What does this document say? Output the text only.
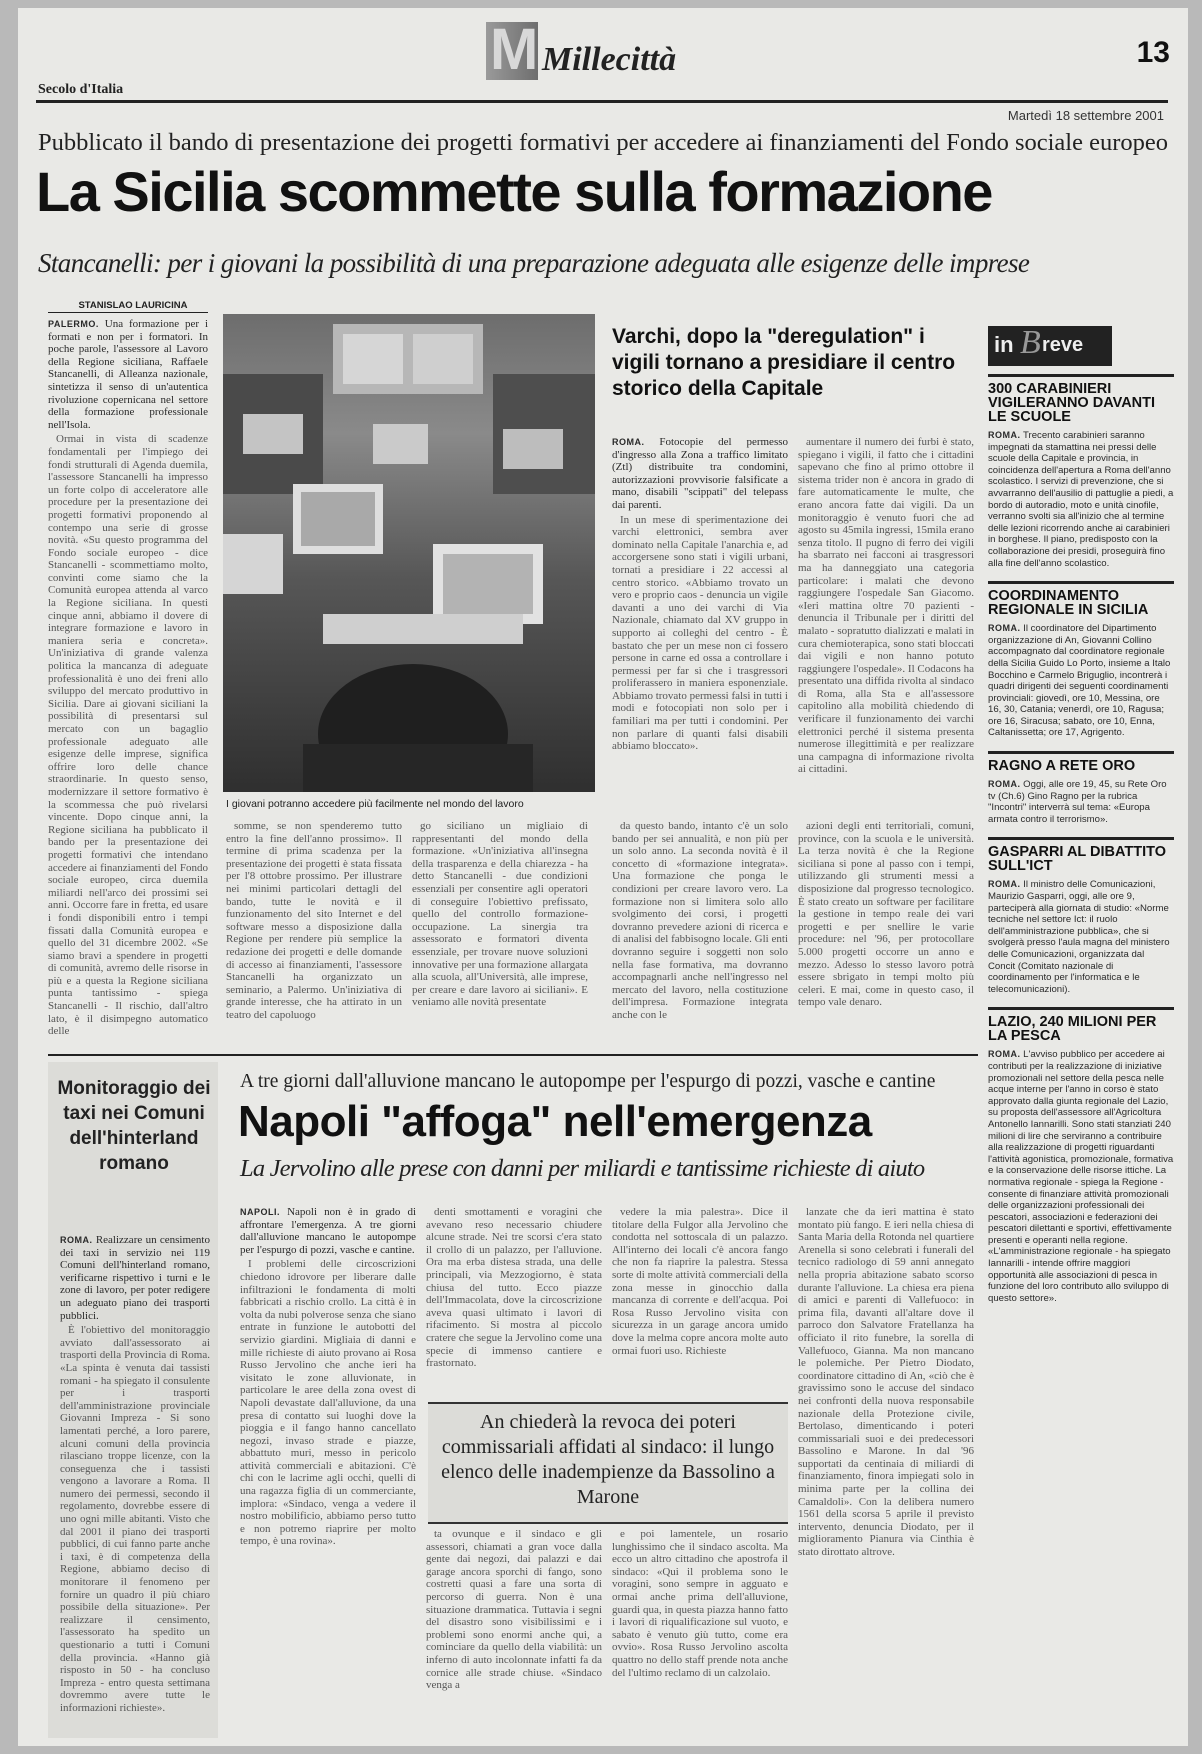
M Millecittà	13
Secolo d'Italia
Martedì 18 settembre 2001
Pubblicato il bando di presentazione dei progetti formativi per accedere ai finanziamenti del Fondo sociale europeo
La Sicilia scommette sulla formazione
Stancanelli: per i giovani la possibilità di una preparazione adeguata alle esigenze delle imprese
STANISLAO LAURICINA

PALERMO. Una formazione per i formati e non per i formatori. In poche parole, l'assessore al Lavoro della Regione siciliana, Raffaele Stancanelli, di Alleanza nazionale, sintetizza il senso di un'autentica rivoluzione copernicana nel settore della formazione professionale nell'Isola.

Ormai in vista di scadenze fondamentali per l'impiego dei fondi strutturali di Agenda duemila, l'assessore Stancanelli ha impresso un forte colpo di acceleratore alle procedure per la presentazione dei progetti formativi proponendo al contempo una serie di grosse novità. «Su questo programma del Fondo sociale europeo - dice Stancanelli - scommettiamo molto, convinti come siamo che la Comunità europea attenda al varco la Regione siciliana. In questi cinque anni, abbiamo il dovere di integrare formazione e lavoro in maniera seria e concreta». Un'iniziativa di grande valenza politica la mancanza di adeguate professionalità è uno dei freni allo sviluppo del mercato produttivo in Sicilia. Dare ai giovani siciliani la possibilità di presentarsi sul mercato con un bagaglio professionale adeguato alle esigenze delle imprese, significa offrire loro delle chance straordinarie. In questo senso, modernizzare il settore formativo è la scommessa che può rivelarsi vincente. Dopo cinque anni, la Regione siciliana ha pubblicato il bando per la presentazione dei progetti formativi che intendano accedere ai finanziamenti del Fondo sociale europeo, circa duemila miliardi nell'arco dei prossimi sei anni. Occorre fare in fretta, ed usare i fondi disponibili entro i tempi fissati dalla Comunità europea e quello del 31 dicembre 2002. «Se siamo bravi a spendere in progetti di comunità, avremo delle risorse in più e a questa la Regione siciliana punta tantissimo - spiega Stancanelli - Il rischio, dall'altro lato, è il disimpegno automatico delle

I giovani potranno accedere più facilmente nel mondo del lavoro
Varchi, dopo la "deregulation" i vigili tornano a presidiare il centro storico della Capitale

ROMA. Fotocopie del permesso d'ingresso alla Zona a traffico limitato (Ztl) distribuite tra condomini, autorizzazioni provvisorie falsificate a mano, disabili "scippati" del telepass dai parenti.

In un mese di sperimentazione dei varchi elettronici, sembra aver dominato nella Capitale l'anarchia e, ad accorgersene sono stati i vigili urbani, tornati a presidiare i 22 accessi al centro storico. «Abbiamo trovato un vero e proprio caos - denuncia un vigile davanti a uno dei varchi di Via Nazionale, chiamato dal XV gruppo in supporto ai colleghi del centro - È bastato che per un mese non ci fossero persone in carne ed ossa a controllare i permessi per far sì che i trasgressori proliferassero in maniera esponenziale. Abbiamo trovato permessi falsi in tutti i modi e fotocopiati non solo per i familiari ma per tutti i condomini. Per non parlare di quanti falsi disabili abbiamo bloccato».

aumentare il numero dei furbi è stato, spiegano i vigili, il fatto che i cittadini sapevano che fino al primo ottobre il sistema trider non è ancora in grado di fare automaticamente le multe, che erano ancora fatte dai vigili. Da un monitoraggio è venuto fuori che ad agosto su 45mila ingressi, 15mila erano senza titolo. Il pugno di ferro dei vigili ha sbarrato nei facconi ai trasgressori ma ha danneggiato una categoria particolare: i malati che devono raggiungere l'ospedale San Giacomo. «Ieri mattina oltre 70 pazienti - denuncia il Tribunale per i diritti del malato - sopratutto dializzati e malati in cura chemioterapica, sono stati bloccati dai vigili e non hanno potuto raggiungere l'ospedale». Il Codacons ha presentato una diffida rivolta al sindaco di Roma, alla Sta e all'assessore capitolino alla mobilità chiedendo di verificare il funzionamento dei varchi elettronici perché il sistema presenta numerose illegittimità e per realizzare una campagna di informazione rivolta ai cittadini.

somme, se non spenderemo tutto entro la fine dell'anno prossimo». Il termine di prima scadenza per la presentazione dei progetti è stata fissata per l'8 ottobre prossimo. Per illustrare nei minimi particolari dettagli del bando, tutte le novità e il funzionamento del sito Internet e del software messo a disposizione dalla Regione per rendere più semplice la redazione dei progetti e delle domande di accesso ai finanziamenti, l'assessore Stancanelli ha organizzato un seminario, a Palermo. Un'iniziativa di grande interesse, che ha attirato in un teatro del capoluogo

go siciliano un migliaio di rappresentanti del mondo della formazione. «Un'iniziativa all'insegna della trasparenza e della chiarezza - ha detto Stancanelli - due condizioni essenziali per consentire agli operatori di conseguire l'obiettivo prefissato, quello del controllo formazione-occupazione. La sinergia tra assessorato e formatori diventa essenziale, per trovare nuove soluzioni innovative per una formazione allargata alla scuola, all'Università, alle imprese, per creare e dare lavoro ai siciliani». E veniamo alle novità presentate

da questo bando, intanto c'è un solo bando per sei annualità, e non più per un solo anno. La seconda novità è il concetto di «formazione integrata». Una formazione che ponga le condizioni per creare lavoro vero. La formazione non si limitera solo allo svolgimento dei corsi, i progetti dovranno prevedere azioni di ricerca e di analisi del fabbisogno locale. Gli enti dovranno seguire i soggetti non solo nella fase formativa, ma dovranno accompagnarli anche nell'ingresso nel mercato del lavoro, nella costituzione dell'impresa. Formazione integrata anche con le

azioni degli enti territoriali, comuni, province, con la scuola e le università. La terza novità è che la Regione siciliana si pone al passo con i tempi, utilizzando gli strumenti messi a disposizione dal progresso tecnologico. È stato creato un software per facilitare la gestione in tempo reale dei vari progetti e per snellire le varie procedure: nel '96, per protocollare 5.000 progetti occorre un anno e mezzo. Adesso lo stesso lavoro potrà essere sbrigato in tempi molto più celeri. E mai, come in questo caso, il tempo vale denaro.

Monitoraggio dei taxi nei Comuni dell'hinterland romano

ROMA. Realizzare un censimento dei taxi in servizio nei 119 Comuni dell'hinterland romano, verificarne rispettivo i turni e le zone di lavoro, per poter redigere un adeguato piano dei trasporti pubblici.

È l'obiettivo del monitoraggio avviato dall'assessorato ai trasporti della Provincia di Roma. «La spinta è venuta dai tassisti romani - ha spiegato il consulente per i trasporti dell'amministrazione provinciale Giovanni Impreza - Si sono lamentati perché, a loro parere, alcuni comuni della provincia rilasciano troppe licenze, con la conseguenza che i tassisti vengono a lavorare a Roma. Il numero dei permessi, secondo il regolamento, dovrebbe essere di uno ogni mille abitanti. Visto che dal 2001 il piano dei trasporti pubblici, di cui fanno parte anche i taxi, è di competenza della Regione, abbiamo deciso di monitorare il fenomeno per fornire un quadro il più chiaro possibile della situazione». Per realizzare il censimento, l'assessorato ha spedito un questionario a tutti i Comuni della provincia. «Hanno già risposto in 50 - ha concluso Impreza - entro questa settimana dovremmo avere tutte le informazioni richieste».

A tre giorni dall'alluvione mancano le autopompe per l'espurgo di pozzi, vasche e cantine
Napoli "affoga" nell'emergenza
La Jervolino alle prese con danni per miliardi e tantissime richieste di aiuto

NAPOLI. Napoli non è in grado di affrontare l'emergenza. A tre giorni dall'alluvione mancano le autopompe per l'espurgo di pozzi, vasche e cantine.

I problemi delle circoscrizioni chiedono idrovore per liberare dalle infiltrazioni le fondamenta di molti fabbricati a rischio crollo. La città è in volta da nubi polverose senza che siano entrate in funzione le autobotti del servizio giardini. Migliaia di danni e mille richieste di aiuto provano ai Rosa Russo Jervolino che anche ieri ha visitato le zone alluvionate, in particolare le aree della zona ovest di Napoli devastate dall'alluvione, da una presa di contatto sui luoghi dove la pioggia e il fango hanno cancellato negozi, invaso strade e piazze, abbattuto muri, messo in pericolo attività commerciali e abitazioni. C'è chi con le lacrime agli occhi, quelli di una ragazza figlia di un commerciante, implora: «Sindaco, venga a vedere il nostro mobilificio, abbiamo perso tutto e non potremo riaprire per molto tempo, è una rovina».

denti smottamenti e voragini che avevano reso necessario chiudere alcune strade. Nei tre scorsi c'era stato il crollo di un palazzo, per l'alluvione. Ora ma erba distesa strada, una delle principali, via Mezzogiorno, è stata chiusa del tutto. Ecco piazze dell'Immacolata, dove la circoscrizione aveva quasi ultimato i lavori di rifacimento. Si mostra al piccolo cratere che segue la Jervolino come una specie di immenso cantiere e frastornato.

vedere la mia palestra». Dice il titolare della Fulgor alla Jervolino che condotta nel sottoscala di un palazzo. All'interno dei locali c'è ancora fango che non fa riaprire la palestra. Stessa sorte di molte attività commerciali della zona messe in ginocchio dalla mancanza di corrente e dell'acqua. Poi Rosa Russo Jervolino visita con sicurezza in un garage ancora umido dove la melma copre ancora molte auto ormai fuori uso. Richieste

lanzate che da ieri mattina è stato montato più fango. E ieri nella chiesa di Santa Maria della Rotonda nel quartiere Arenella si sono celebrati i funerali del tecnico radiologo di 59 anni annegato nella propria abitazione sabato scorso durante l'alluvione. La chiesa era piena di amici e parenti di Vallefuoco: in prima fila, davanti all'altare dove il parroco don Salvatore Fratellanza ha officiato il rito funebre, la sorella di Vallefuoco, Gianna. Ma non mancano le polemiche. Per Pietro Diodato, coordinatore cittadino di An, «ciò che è gravissimo sono le accuse del sindaco nei confronti della nuova responsabile nazionale della Protezione civile, Bertolaso, dimenticando i poteri commissariali suoi e dei predecessori Bassolino e Marone. In dal '96 supportati da centinaia di miliardi di finanziamento, finora impiegati solo in minima parte per la collina dei Camaldoli». Con la delibera numero 1561 della scorsa 5 aprile il previsto intervento, denuncia Diodato, per il miglioramento Pianura via Cinthia è stato dirottato altrove.

An chiederà la revoca dei poteri commissariali affidati al sindaco: il lungo elenco delle inadempienze da Bassolino a Marone

ta ovunque e il sindaco e gli assessori, chiamati a gran voce dalla gente dai negozi, dai palazzi e dai garage ancora sporchi di fango, sono costretti quasi a fare una sorta di percorso di guerra. Non è una situazione drammatica. Tuttavia i segni del disastro sono visibilissimi e i problemi sono enormi anche qui, a cominciare da quello della viabilità: un inferno di auto incolonnate infatti fa da cornice alle strade chiuse. «Sindaco venga a

e poi lamentele, un rosario lunghissimo che il sindaco ascolta. Ma ecco un altro cittadino che apostrofa il sindaco: «Qui il problema sono le voragini, sono sempre in agguato e ormai anche prima dell'alluvione, guardi qua, in questa piazza hanno fatto i lavori di riqualificazione sul vuoto, e sabato è venuto giù tutto, come era ovvio». Rosa Russo Jervolino ascolta quattro no dello staff prende nota anche del l'ultimo reclamo di un calzolaio.

in B reve
300 CARABINIERI VIGILERANNO DAVANTI LE SCUOLE

ROMA. Trecento carabinieri saranno impegnati da stamattina nei pressi delle scuole della Capitale e provincia, in coincidenza dell'apertura a Roma dell'anno scolastico. I servizi di prevenzione, che si avvarranno dell'ausilio di pattuglie a piedi, a bordo di autoradio, moto e unità cinofile, verranno svolti sia all'inizio che al termine delle lezioni ricorrendo anche ai carabinieri in borghese. Il piano, predisposto con la collaborazione dei presidi, proseguirà fino alla fine dell'anno scolastico.

COORDINAMENTO REGIONALE IN SICILIA

ROMA. Il coordinatore del Dipartimento organizzazione di An, Giovanni Collino accompagnato dal coordinatore regionale della Sicilia Guido Lo Porto, insieme a Italo Bocchino e Carmelo Briguglio, incontrerà i quadri dirigenti dei seguenti coordinamenti provinciali: giovedì, ore 10, Messina, ore 16, 30, Catania; venerdì, ore 10, Ragusa; ore 16, Siracusa; sabato, ore 10, Enna, Caltanissetta; ore 17, Agrigento.

RAGNO A RETE ORO

ROMA. Oggi, alle ore 19, 45, su Rete Oro tv (Ch.6) Gino Ragno per la rubrica "Incontri" interverrà sul tema: «Europa armata contro il terrorismo».

GASPARRI AL DIBATTITO SULL'ICT

ROMA. Il ministro delle Comunicazioni, Maurizio Gasparri, oggi, alle ore 9, parteciperà alla giornata di studio: «Norme tecniche nel settore Ict: il ruolo dell'amministrazione pubblica», che si svolgerà presso l'aula magna del ministero delle Comunicazioni, organizzata dal Concit (Comitato nazionale di coordinamento per l'informatica e le telecomunicazioni).

LAZIO, 240 MILIONI PER LA PESCA

ROMA. L'avviso pubblico per accedere ai contributi per la realizzazione di iniziative promozionali nel settore della pesca nelle acque interne per l'anno in corso è stato approvato dalla giunta regionale del Lazio, su proposta dell'assessore all'Agricoltura Antonello Iannarilli. Sono stati stanziati 240 milioni di lire che serviranno a contribuire alla realizzazione di progetti riguardanti l'attività agonistica, promozionale, formativa e la conservazione delle risorse ittiche. La normativa regionale - spiega la Regione - consente di finanziare attività promozionali delle organizzazioni professionali dei pescatori, associazioni e federazioni dei pescatori dilettanti e sportivi, effettivamente presenti e operanti nella regione. «L'amministrazione regionale - ha spiegato Iannarilli - intende offrire maggiori opportunità alle associazioni di pesca in funzione del loro contributo allo sviluppo di questo settore».
